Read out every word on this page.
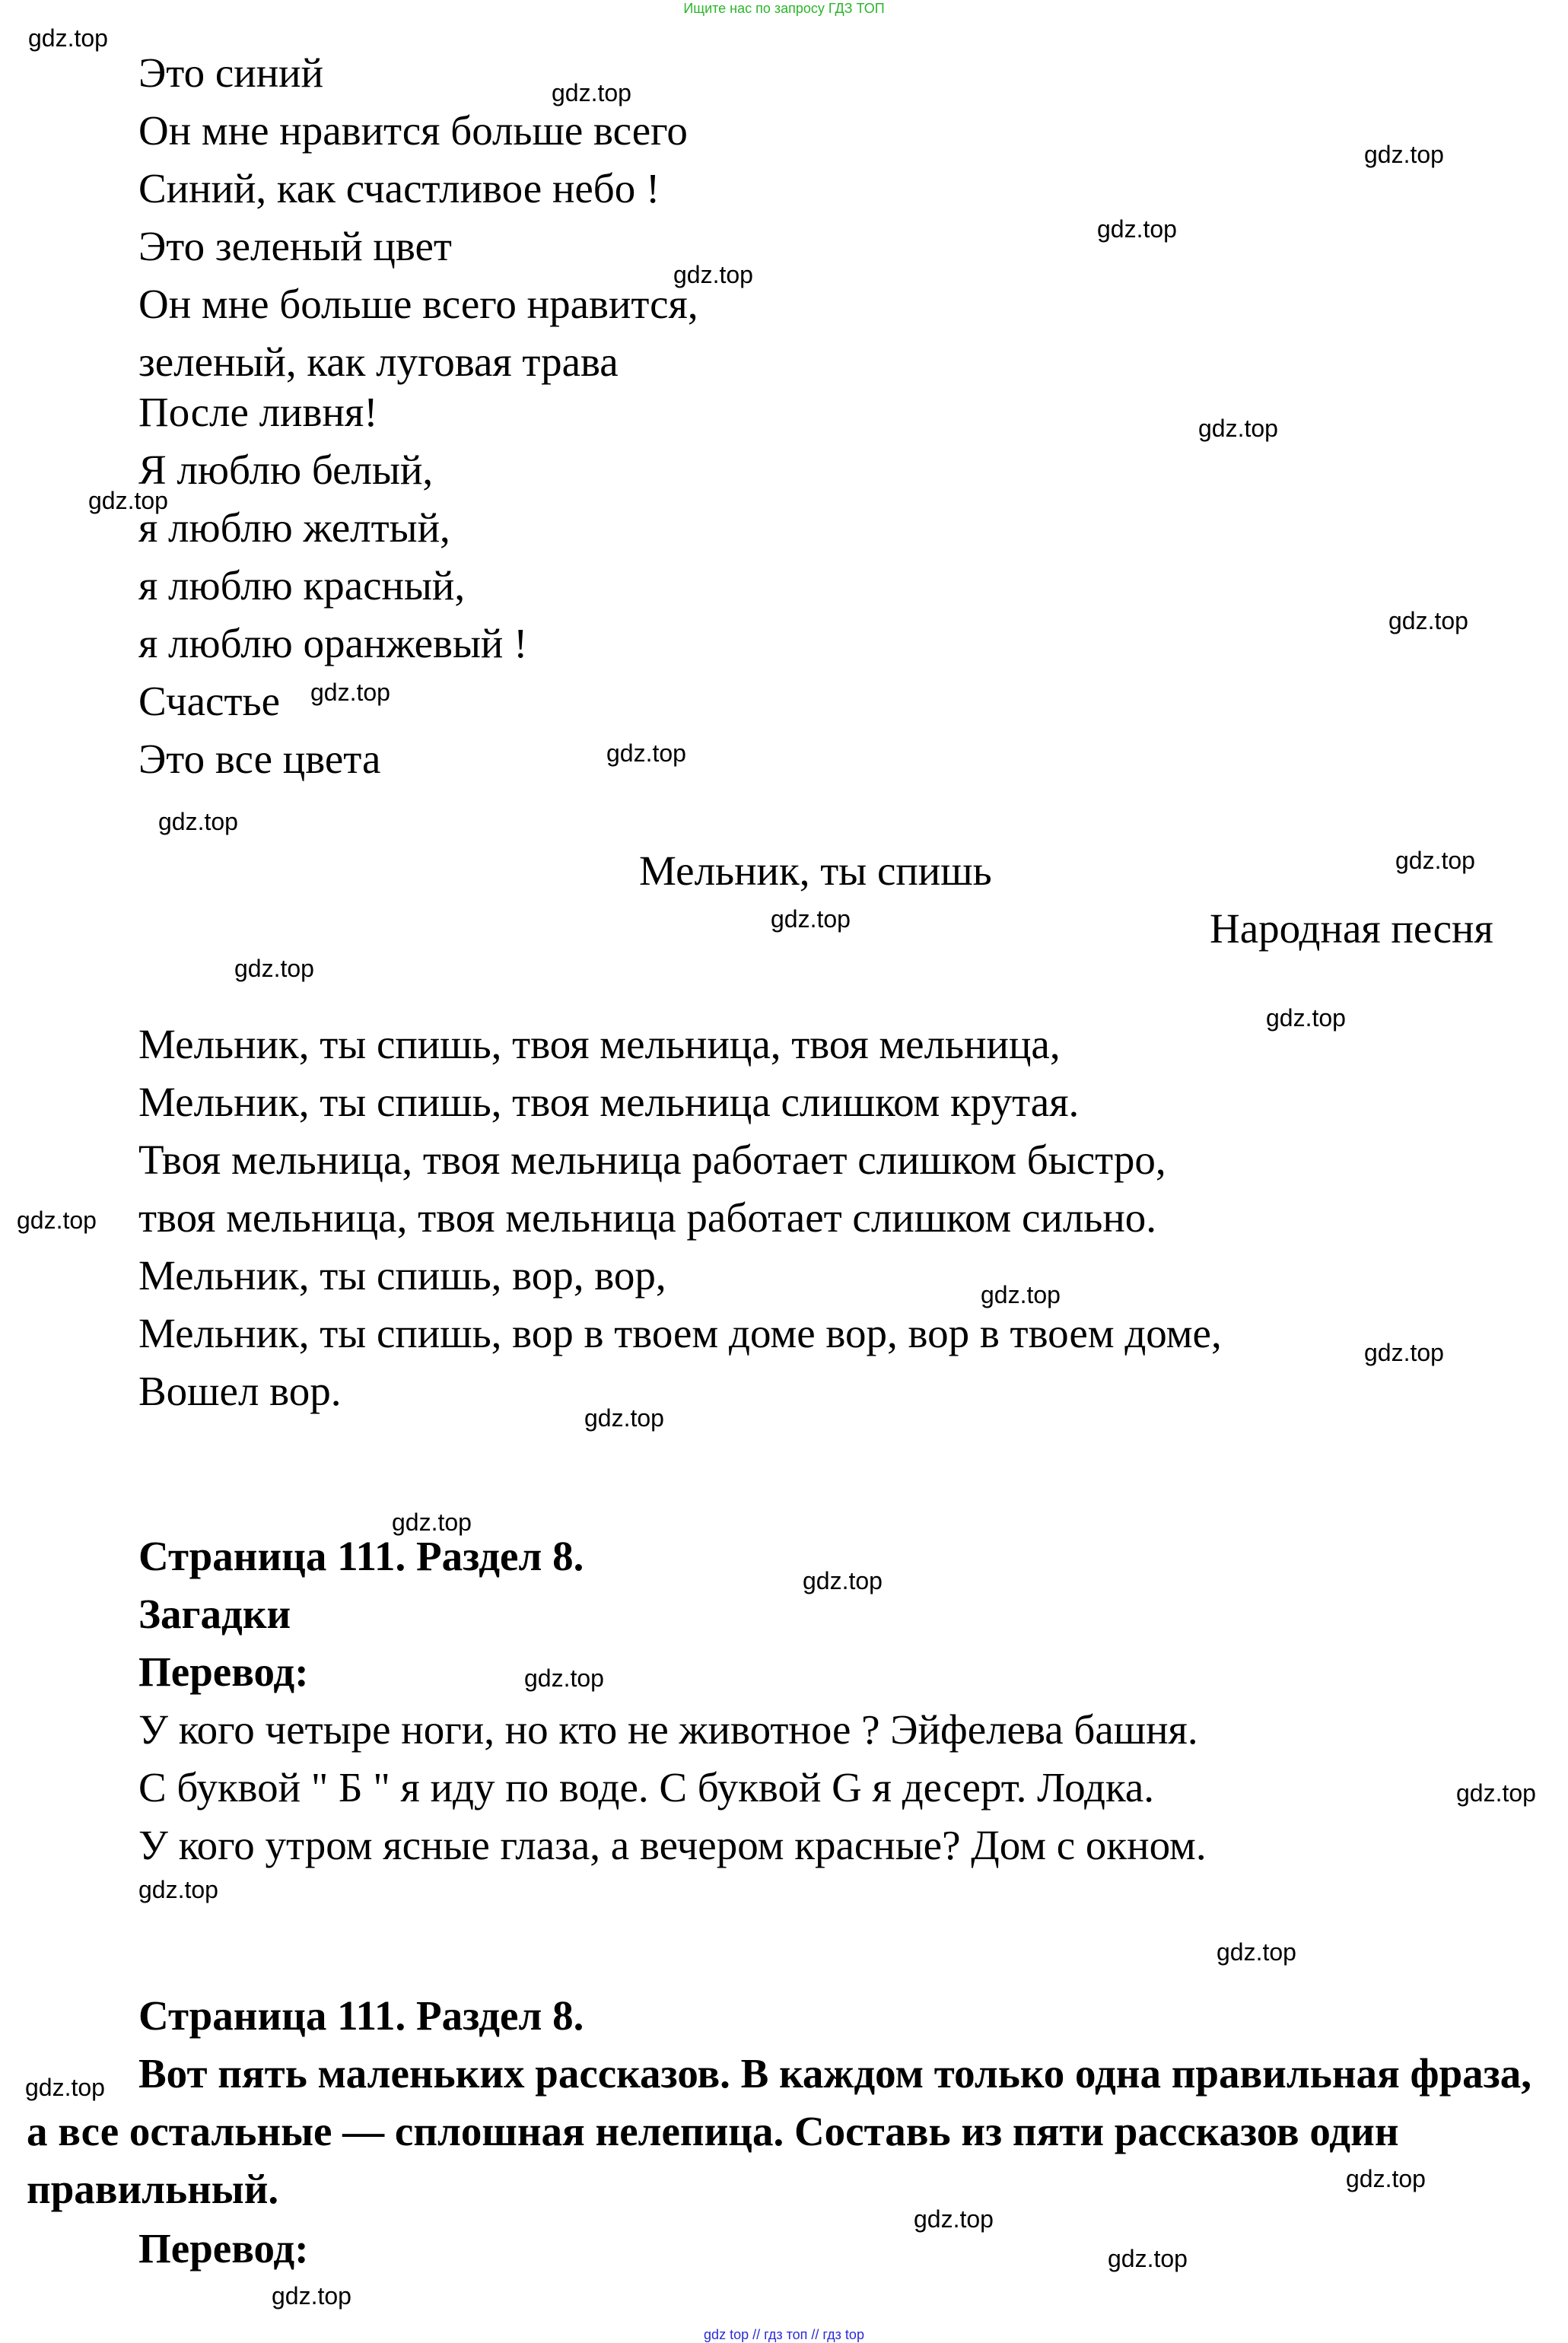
Ищите нас по запросу ГДЗ ТОП
Это синий
Он мне нравится больше всего
Синий, как счастливое небо !
Это зеленый цвет
Он мне больше всего нравится,
зеленый, как луговая трава
После ливня!
Я люблю белый,
я люблю желтый,
я люблю красный,
я люблю оранжевый !
Счастье
Это все цвета
Мельник, ты спишь
Народная песня
Мельник, ты спишь, твоя мельница, твоя мельница,
Мельник, ты спишь, твоя мельница слишком крутая.
Твоя мельница, твоя мельница работает слишком быстро,
твоя мельница, твоя мельница работает слишком сильно.
Мельник, ты спишь, вор, вор,
Мельник, ты спишь, вор в твоем доме вор, вор в твоем доме,
Вошел вор.
Страница 111. Раздел 8.
Загадки
Перевод:
У кого четыре ноги, но кто не животное ? Эйфелева башня.
С буквой " Б " я иду по воде. С буквой G я десерт. Лодка.
У кого утром ясные глаза, а вечером красные? Дом с окном.
Страница 111. Раздел 8.
Вот пять маленьких рассказов. В каждом только одна правильная фраза, а все остальные — сплошная нелепица. Составь из пяти рассказов один правильный.
Перевод:
gdz.top
gdz.top
gdz.top
gdz.top
gdz.top
gdz.top
gdz.top
gdz.top
gdz.top
gdz.top
gdz.top
gdz.top
gdz.top
gdz.top
gdz.top
gdz.top
gdz.top
gdz.top
gdz.top
gdz.top
gdz.top
gdz.top
gdz.top
gdz.top
gdz.top
gdz.top
gdz.top
gdz.top
gdz.top
gdz.top
gdz top // гдз топ // гдз top
